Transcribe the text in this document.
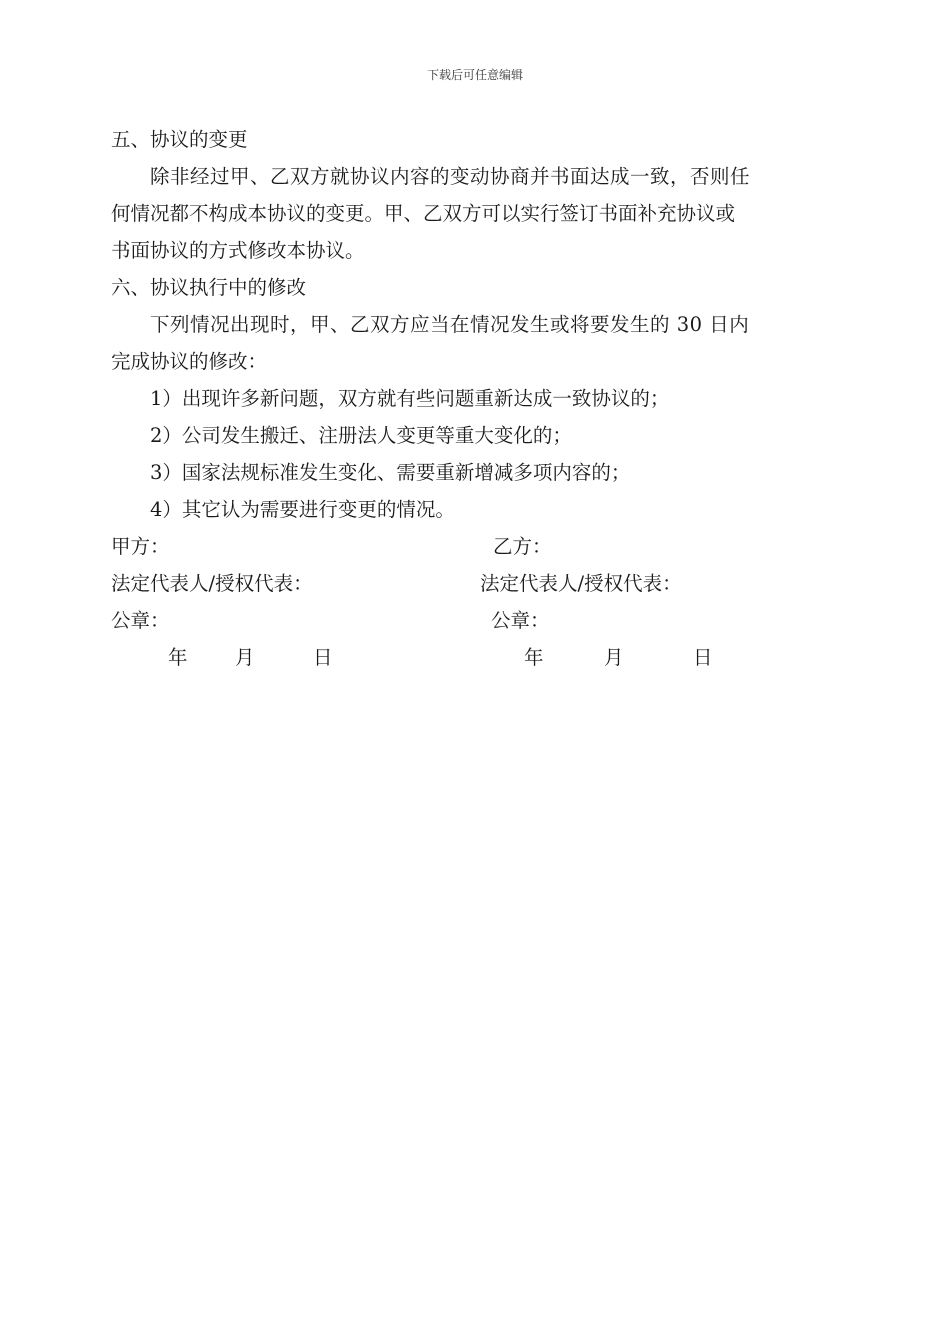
下载后可任意编辑
五、协议的变更
除非经过甲、乙双方就协议内容的变动协商并书面达成一致，否则任
何情况都不构成本协议的变更。甲、乙双方可以实行签订书面补充协议或
书面协议的方式修改本协议。
六、协议执行中的修改
下列情况出现时，甲、乙双方应当在情况发生或将要发生的 30 日内
完成协议的修改：
1）出现许多新问题，双方就有些问题重新达成一致协议的；
2）公司发生搬迁、注册法人变更等重大变化的；
3）国家法规标准发生变化、需要重新增减多项内容的；
4）其它认为需要进行变更的情况。
甲方：	乙方：
法定代表人/授权代表：	法定代表人/授权代表：
公章：	公章：
年 月	日	年	月	日
